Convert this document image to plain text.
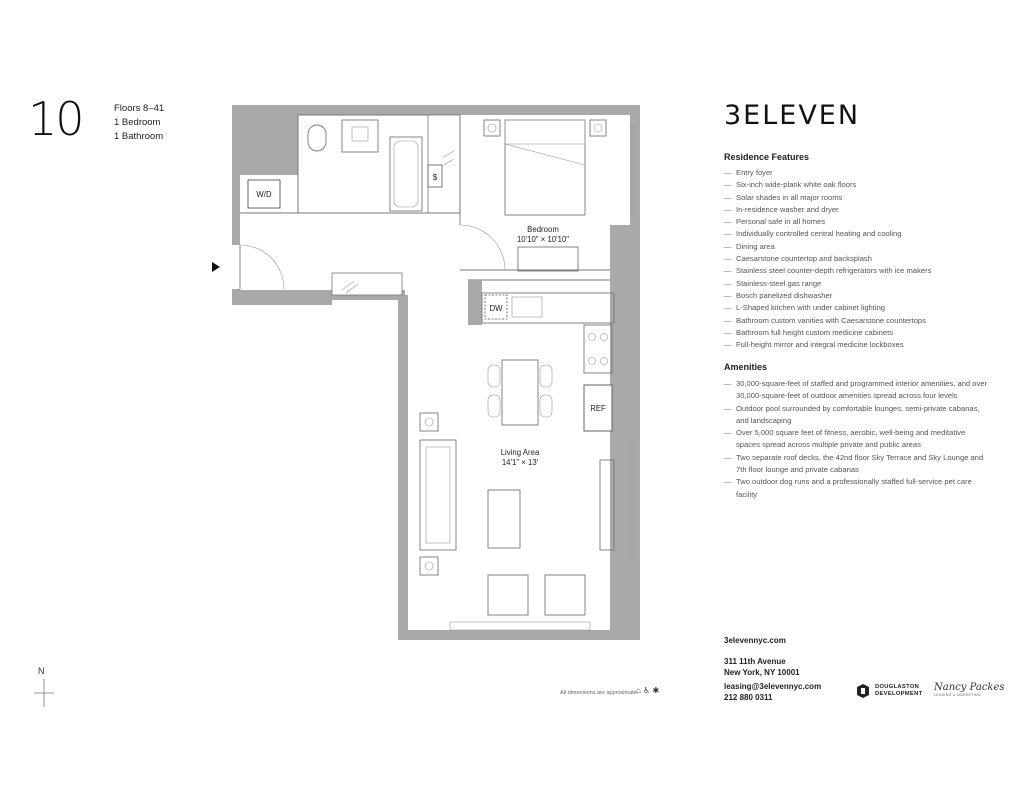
10	Floors 8–41
1 Bedroom
1 Bathroom
W/D
$
Bedroom
10'10" × 10'10"
DW
REF
Living Area
14'1" × 13'
3ELEVEN
Residence Features
— Entry foyer
— Six-inch wide-plank white oak floors
— Solar shades in all major rooms
— In-residence washer and dryer
— Personal safe in all homes
— Individually controlled central heating and cooling
— Dining area
— Caesarstone countertop and backsplash
— Stainless steel counter-depth refrigerators with ice makers
— Stainless-steel gas range
— Bosch panelized dishwasher
— L-Shaped kitchen with under cabinet lighting
— Bathroom custom vanities with Caesarstone countertops
— Bathroom full height custom medicine cabinets
— Full-height mirror and integral medicine lockboxes
Amenities
— 30,000-square-feet of staffed and programmed interior amenities, and over 30,000-square-feet of outdoor amenities spread across four levels
— Outdoor pool surrounded by comfortable lounges, semi-private cabanas, and landscaping
— Over 5,000 square feet of fitness, aerobic, well-being and meditative spaces spread across multiple private and public areas
— Two separate roof decks, the 42nd floor Sky Terrace and Sky Lounge and 7th floor lounge and private cabanas
— Two outdoor dog runs and a professionally staffed full-service pet care facility
3elevennyc.com
311 11th Avenue
New York, NY 10001
leasing@3elevennyc.com
212 880 0311
N
All dimensions are approximate.
⌂ ♿ ✱	DOUGLASTON
DEVELOPMENT
Nancy Packes
LEASING & MARKETING
